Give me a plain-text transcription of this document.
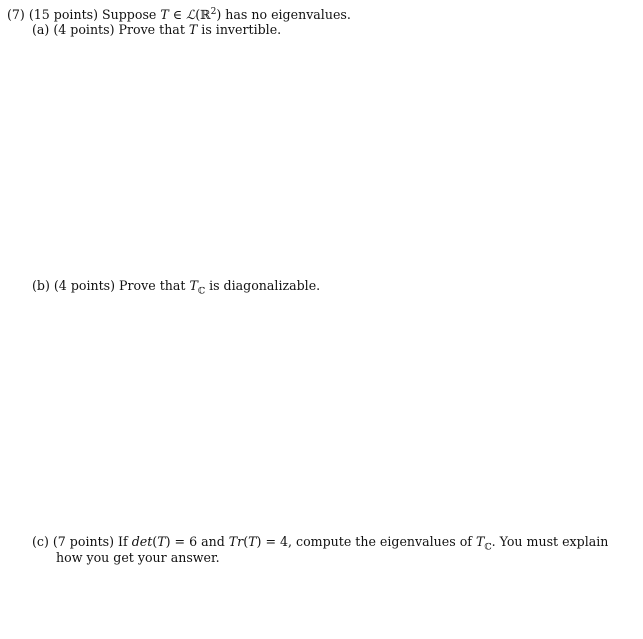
(7) (15 points) Suppose T ∈ ℒ(ℝ$^2$) has no eigenvalues.
(a) (4 points) Prove that T is invertible.
(b) (4 points) Prove that $T_ℂ$ is diagonalizable.
(c) (7 points) If det(T) = 6 and Tr(T) = 4, compute the eigenvalues of $T_ℂ$. You must explain
how you get your answer.
